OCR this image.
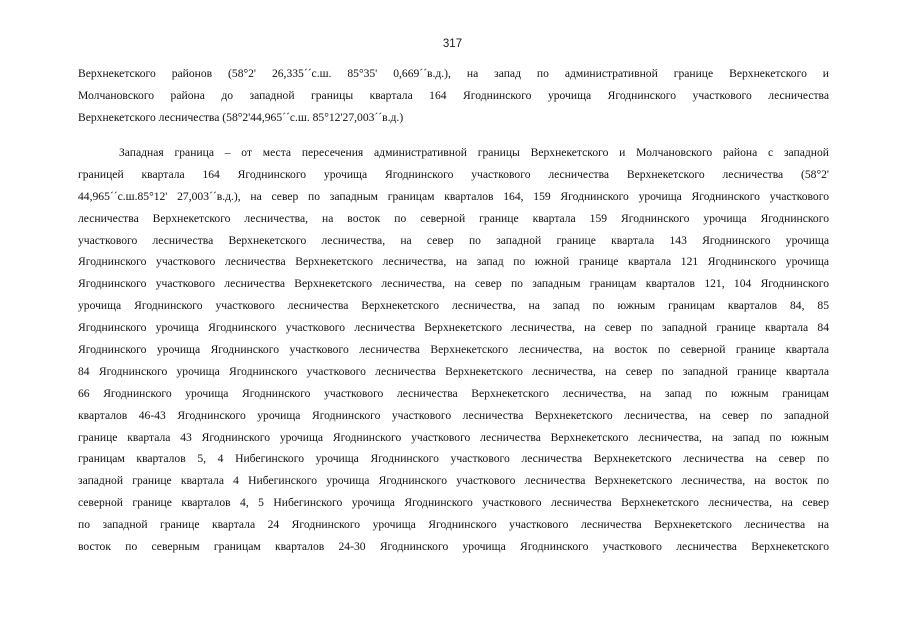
317
Верхнекетского районов (58°2' 26,335´´с.ш. 85°35' 0,669´´в.д.), на запад по административной границе Верхнекетского и
Молчановского района до западной границы квартала 164 Ягоднинского урочища Ягоднинского участкового лесничества
Верхнекетского лесничества (58°2'44,965´´с.ш. 85°12'27,003´´в.д.)
Западная граница – от места пересечения административной границы Верхнекетского и Молчановского района с западной
границей квартала 164 Ягоднинского урочища Ягоднинского участкового лесничества Верхнекетского лесничества (58°2'
44,965´´с.ш.85°12' 27,003´´в.д.), на север по западным границам кварталов 164, 159 Ягоднинского урочища Ягоднинского участкового
лесничества Верхнекетского лесничества, на восток по северной границе квартала 159 Ягоднинского урочища Ягоднинского
участкового лесничества Верхнекетского лесничества, на север по западной границе квартала 143 Ягоднинского урочища
Ягоднинского участкового лесничества Верхнекетского лесничества, на запад по южной границе квартала 121 Ягоднинского урочища
Ягоднинского участкового лесничества Верхнекетского лесничества, на север по западным границам кварталов 121, 104 Ягоднинского
урочища Ягоднинского участкового лесничества Верхнекетского лесничества, на запад по южным границам кварталов 84, 85
Ягоднинского урочища Ягоднинского участкового лесничества Верхнекетского лесничества, на север по западной границе квартала 84
Ягоднинского урочища Ягоднинского участкового лесничества Верхнекетского лесничества, на восток по северной границе квартала
84 Ягоднинского урочища Ягоднинского участкового лесничества Верхнекетского лесничества, на север по западной границе квартала
66 Ягоднинского урочища Ягоднинского участкового лесничества Верхнекетского лесничества, на запад по южным границам
кварталов 46-43 Ягоднинского урочища Ягоднинского участкового лесничества Верхнекетского лесничества, на север по западной
границе квартала 43 Ягоднинского урочища Ягоднинского участкового лесничества Верхнекетского лесничества, на запад по южным
границам кварталов 5, 4 Нибегинского урочища Ягоднинского участкового лесничества Верхнекетского лесничества на север по
западной границе квартала 4 Нибегинского урочища Ягоднинского участкового лесничества Верхнекетского лесничества, на восток по
северной границе кварталов 4, 5 Нибегинского урочища Ягоднинского участкового лесничества Верхнекетского лесничества, на север
по западной границе квартала 24 Ягоднинского урочища Ягоднинского участкового лесничества Верхнекетского лесничества на
восток по северным границам кварталов 24-30 Ягоднинского урочища Ягоднинского участкового лесничества Верхнекетского
